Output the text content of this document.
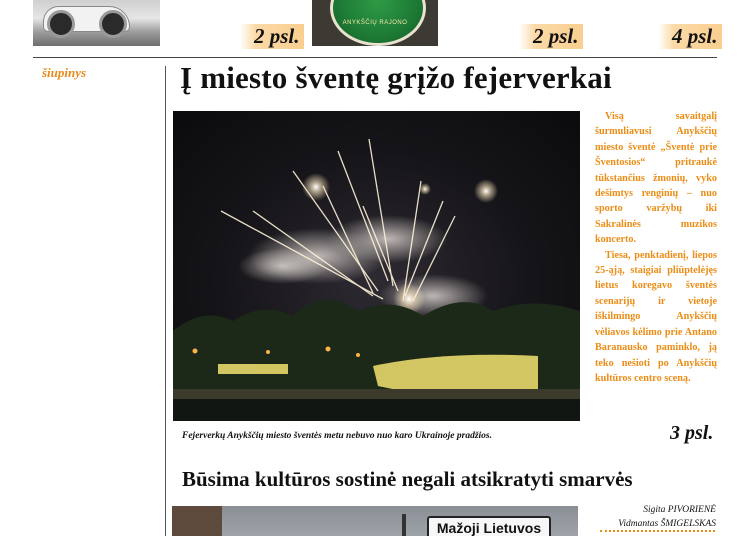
2 psl.
ANYKŠČIŲ RAJONO
2 psl.	4 psl.
šiupinys	Į miesto šventę grįžo fejerverkai
Fejerverkų Anykščių miesto šventės metu nebuvo nuo karo Ukrainoje pradžios.	3 psl.

Visą savaitgalį šurmuliavusi Anykščių miesto šventė „Šventė prie Šventosios“ pritraukė tūkstančius žmonių, vyko dešimtys renginių – nuo sporto varžybų iki Sakralinės muzikos koncerto.

Tiesa, penktadienį, liepos 25-ąją, staigiai pliūptelėjęs lietus koregavo šventės scenarijų ir vietoje iškilmingo Anykščių vėliavos kėlimo prie Antano Baranausko paminklo, ją teko nešioti po Anykščių kultūros centro sceną.

Būsima kultūros sostinė negali atsikratyti smarvės
Sigita PIVORIENĖ
Vidmantas ŠMIGELSKAS
Mažoji Lietuvos
